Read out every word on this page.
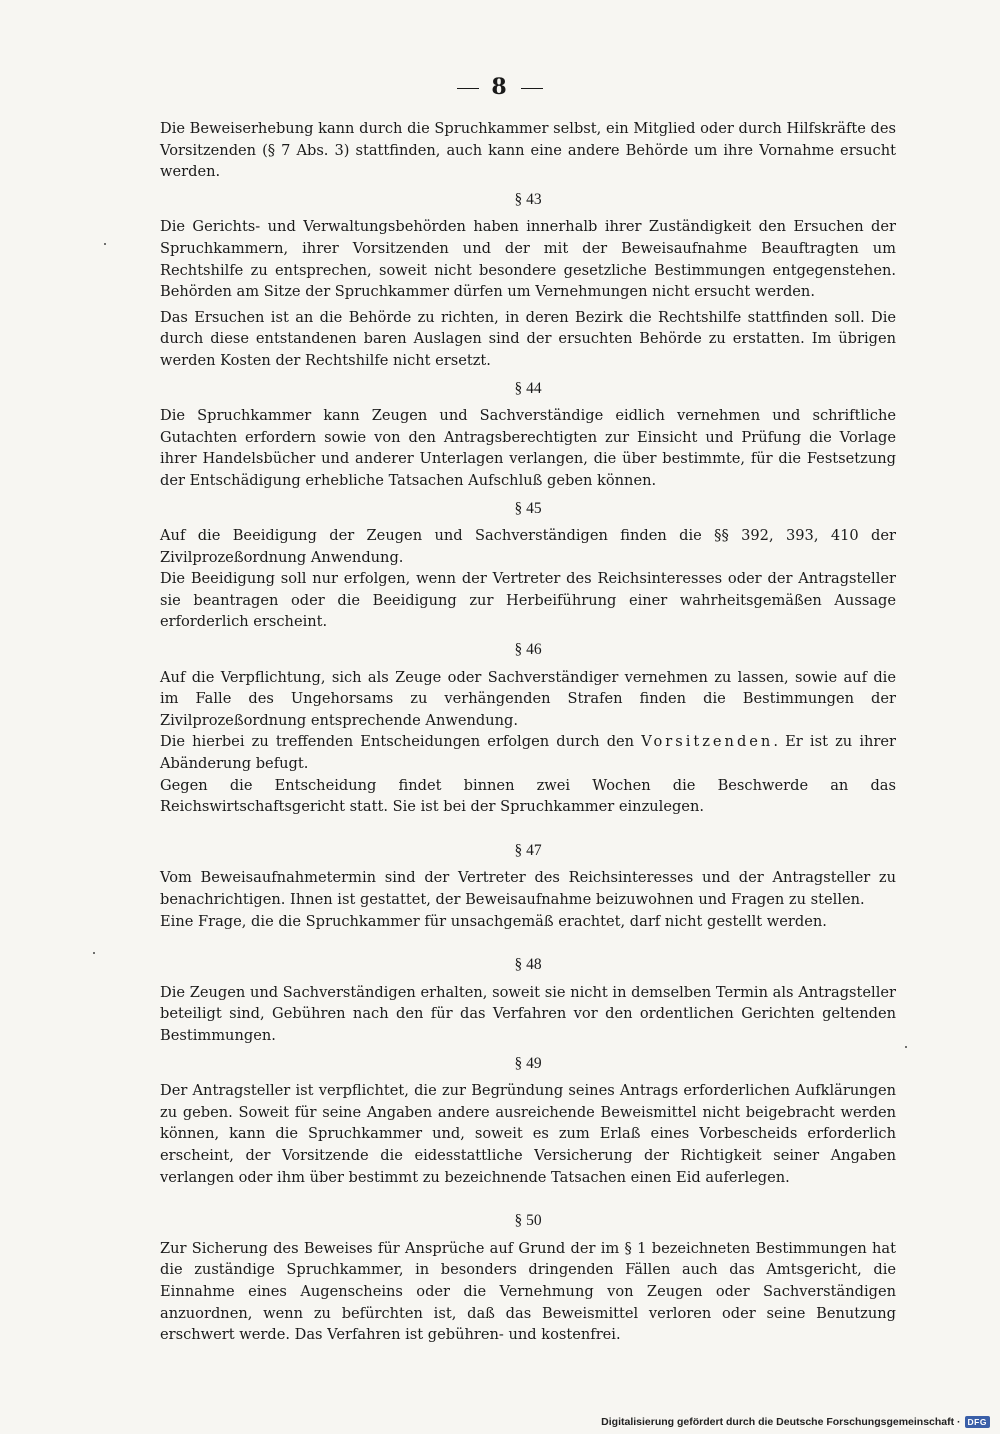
8

Die Beweiserhebung kann durch die Spruchkammer selbst, ein Mitglied oder durch Hilfskräfte des Vorsitzenden (§ 7 Abs. 3) stattfinden, auch kann eine andere Behörde um ihre Vornahme ersucht werden.

§ 43

Die Gerichts- und Verwaltungsbehörden haben innerhalb ihrer Zuständigkeit den Ersuchen der Spruchkammern, ihrer Vorsitzenden und der mit der Beweisaufnahme Beauftragten um Rechtshilfe zu entsprechen, soweit nicht besondere gesetzliche Bestimmungen entgegenstehen. Behörden am Sitze der Spruchkammer dürfen um Vernehmungen nicht ersucht werden.

Das Ersuchen ist an die Behörde zu richten, in deren Bezirk die Rechtshilfe stattfinden soll. Die durch diese entstandenen baren Auslagen sind der ersuchten Behörde zu erstatten. Im übrigen werden Kosten der Rechtshilfe nicht ersetzt.

§ 44

Die Spruchkammer kann Zeugen und Sachverständige eidlich vernehmen und schriftliche Gutachten erfordern sowie von den Antragsberechtigten zur Einsicht und Prüfung die Vorlage ihrer Handelsbücher und anderer Unterlagen verlangen, die über bestimmte, für die Festsetzung der Entschädigung erhebliche Tatsachen Aufschluß geben können.

§ 45

Auf die Beeidigung der Zeugen und Sachverständigen finden die §§ 392, 393, 410 der Zivilprozeßordnung Anwendung.

Die Beeidigung soll nur erfolgen, wenn der Vertreter des Reichsinteresses oder der Antragsteller sie beantragen oder die Beeidigung zur Herbeiführung einer wahrheitsgemäßen Aussage erforderlich erscheint.

§ 46

Auf die Verpflichtung, sich als Zeuge oder Sachverständiger vernehmen zu lassen, sowie auf die im Falle des Ungehorsams zu verhängenden Strafen finden die Bestimmungen der Zivilprozeßordnung entsprechende Anwendung.

Die hierbei zu treffenden Entscheidungen erfolgen durch den Vorsitzenden. Er ist zu ihrer Abänderung befugt.

Gegen die Entscheidung findet binnen zwei Wochen die Beschwerde an das Reichswirtschaftsgericht statt. Sie ist bei der Spruchkammer einzulegen.

§ 47

Vom Beweisaufnahmetermin sind der Vertreter des Reichsinteresses und der Antragsteller zu benachrichtigen. Ihnen ist gestattet, der Beweisaufnahme beizuwohnen und Fragen zu stellen.

Eine Frage, die die Spruchkammer für unsachgemäß erachtet, darf nicht gestellt werden.

§ 48

Die Zeugen und Sachverständigen erhalten, soweit sie nicht in demselben Termin als Antragsteller beteiligt sind, Gebühren nach den für das Verfahren vor den ordentlichen Gerichten geltenden Bestimmungen.

§ 49

Der Antragsteller ist verpflichtet, die zur Begründung seines Antrags erforderlichen Aufklärungen zu geben. Soweit für seine Angaben andere ausreichende Beweismittel nicht beigebracht werden können, kann die Spruchkammer und, soweit es zum Erlaß eines Vorbescheids erforderlich erscheint, der Vorsitzende die eidesstattliche Versicherung der Richtigkeit seiner Angaben verlangen oder ihm über bestimmt zu bezeichnende Tatsachen einen Eid auferlegen.

§ 50

Zur Sicherung des Beweises für Ansprüche auf Grund der im § 1 bezeichneten Bestimmungen hat die zuständige Spruchkammer, in besonders dringenden Fällen auch das Amtsgericht, die Einnahme eines Augenscheins oder die Vernehmung von Zeugen oder Sachverständigen anzuordnen, wenn zu befürchten ist, daß das Beweismittel verloren oder seine Benutzung erschwert werde. Das Verfahren ist gebühren- und kostenfrei.

Digitalisierung gefördert durch die Deutsche Forschungsgemeinschaft · DFG
